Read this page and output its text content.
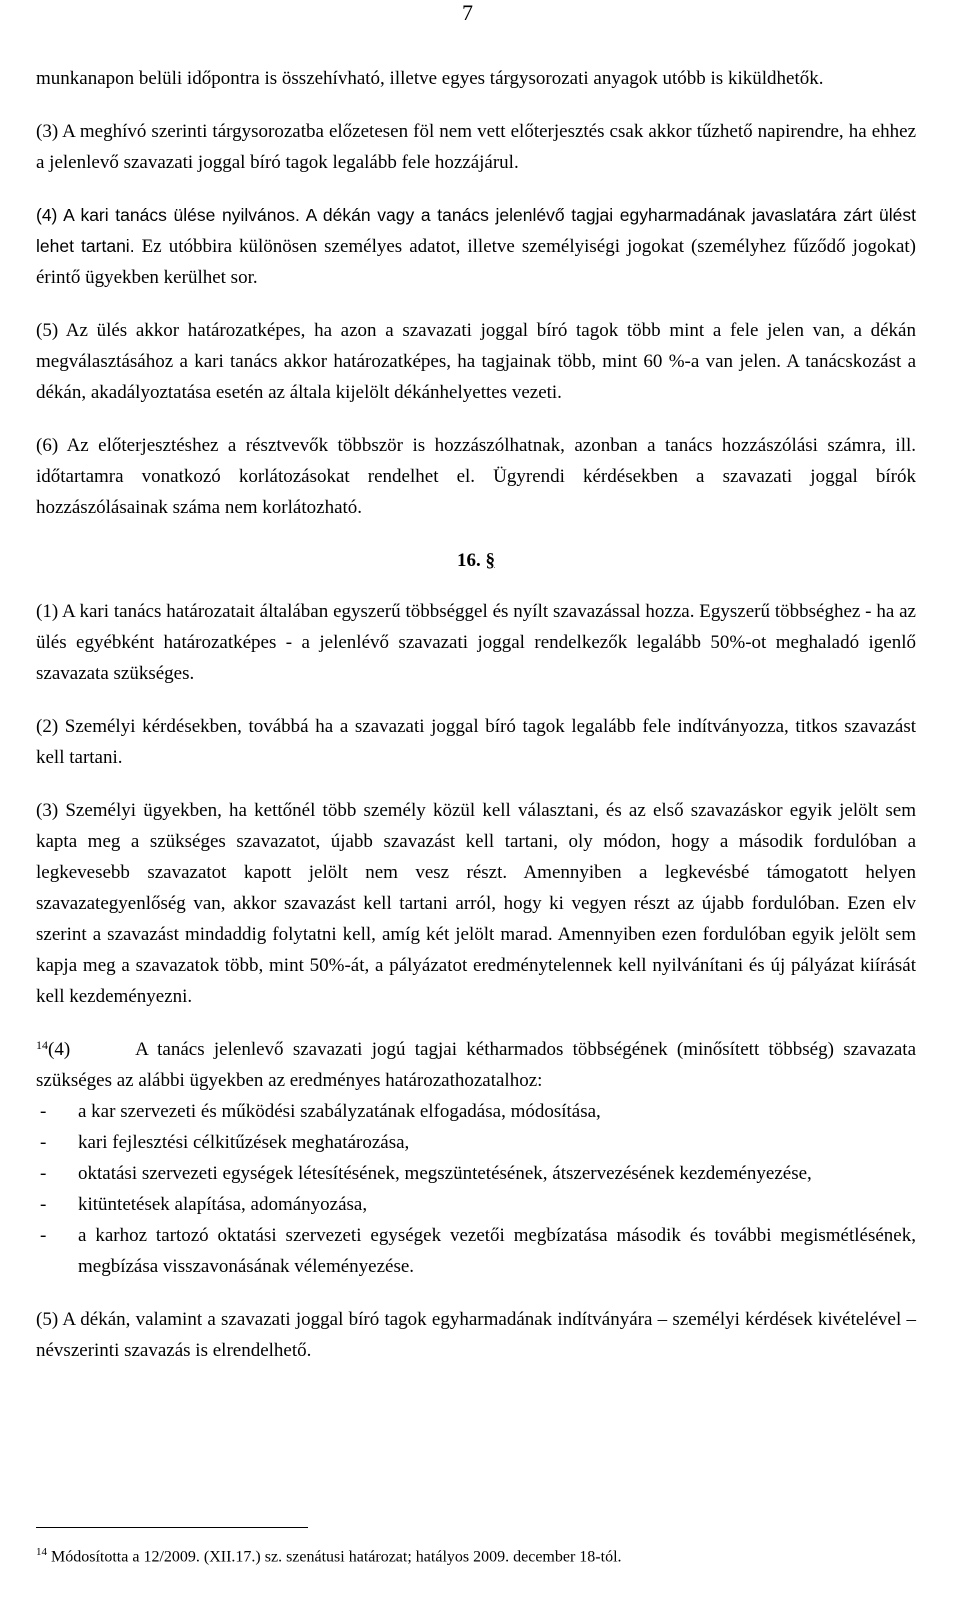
7

munkanapon belüli időpontra is összehívható, illetve egyes tárgysorozati anyagok utóbb is kiküldhetők.

(3) A meghívó szerinti tárgysorozatba előzetesen föl nem vett előterjesztés csak akkor tűzhető napirendre, ha ehhez a jelenlevő szavazati joggal bíró tagok legalább fele hozzájárul.

(4) A kari tanács ülése nyilvános. A dékán vagy a tanács jelenlévő tagjai egyharmadának javaslatára zárt ülést lehet tartani. Ez utóbbira különösen személyes adatot, illetve személyiségi jogokat (személyhez fűződő jogokat) érintő ügyekben kerülhet sor.

(5) Az ülés akkor határozatképes, ha azon a szavazati joggal bíró tagok több mint a fele jelen van, a dékán megválasztásához a kari tanács akkor határozatképes, ha tagjainak több, mint 60 %-a van jelen. A tanácskozást a dékán, akadályoztatása esetén az általa kijelölt dékánhelyettes vezeti.

(6) Az előterjesztéshez a résztvevők többször is hozzászólhatnak, azonban a tanács hozzászólási számra, ill. időtartamra vonatkozó korlátozásokat rendelhet el. Ügyrendi kérdésekben a szavazati joggal bírók hozzászólásainak száma nem korlátozható.

16. §

(1) A kari tanács határozatait általában egyszerű többséggel és nyílt szavazással hozza. Egyszerű többséghez - ha az ülés egyébként határozatképes - a jelenlévő szavazati joggal rendelkezők legalább 50%-ot meghaladó igenlő szavazata szükséges.

(2) Személyi kérdésekben, továbbá ha a szavazati joggal bíró tagok legalább fele indítványozza, titkos szavazást kell tartani.

(3) Személyi ügyekben, ha kettőnél több személy közül kell választani, és az első szavazáskor egyik jelölt sem kapta meg a szükséges szavazatot, újabb szavazást kell tartani, oly módon, hogy a második fordulóban a legkevesebb szavazatot kapott jelölt nem vesz részt. Amennyiben a legkevésbé támogatott helyen szavazategyenlőség van, akkor szavazást kell tartani arról, hogy ki vegyen részt az újabb fordulóban. Ezen elv szerint a szavazást mindaddig folytatni kell, amíg két jelölt marad. Amennyiben ezen fordulóban egyik jelölt sem kapja meg a szavazatok több, mint 50%-át, a pályázatot eredménytelennek kell nyilvánítani és új pályázat kiírását kell kezdeményezni.

$^{14}$(4)	A tanács jelenlevő szavazati jogú tagjai kétharmados többségének (minősített többség) szavazata szükséges az alábbi ügyekben az eredményes határozathozatalhoz:

- a kar szervezeti és működési szabályzatának elfogadása, módosítása,
- kari fejlesztési célkitűzések meghatározása,
- oktatási szervezeti egységek létesítésének, megszüntetésének, átszervezésének kezdeményezése,
- kitüntetések alapítása, adományozása,
- a karhoz tartozó oktatási szervezeti egységek vezetői megbízatása második és további megismétlésének, megbízása visszavonásának véleményezése.

(5) A dékán, valamint a szavazati joggal bíró tagok egyharmadának indítványára – személyi kérdések kivételével – névszerinti szavazás is elrendelhető.

$^{14}$ Módosította a 12/2009. (XII.17.) sz. szenátusi határozat; hatályos 2009. december 18-tól.
